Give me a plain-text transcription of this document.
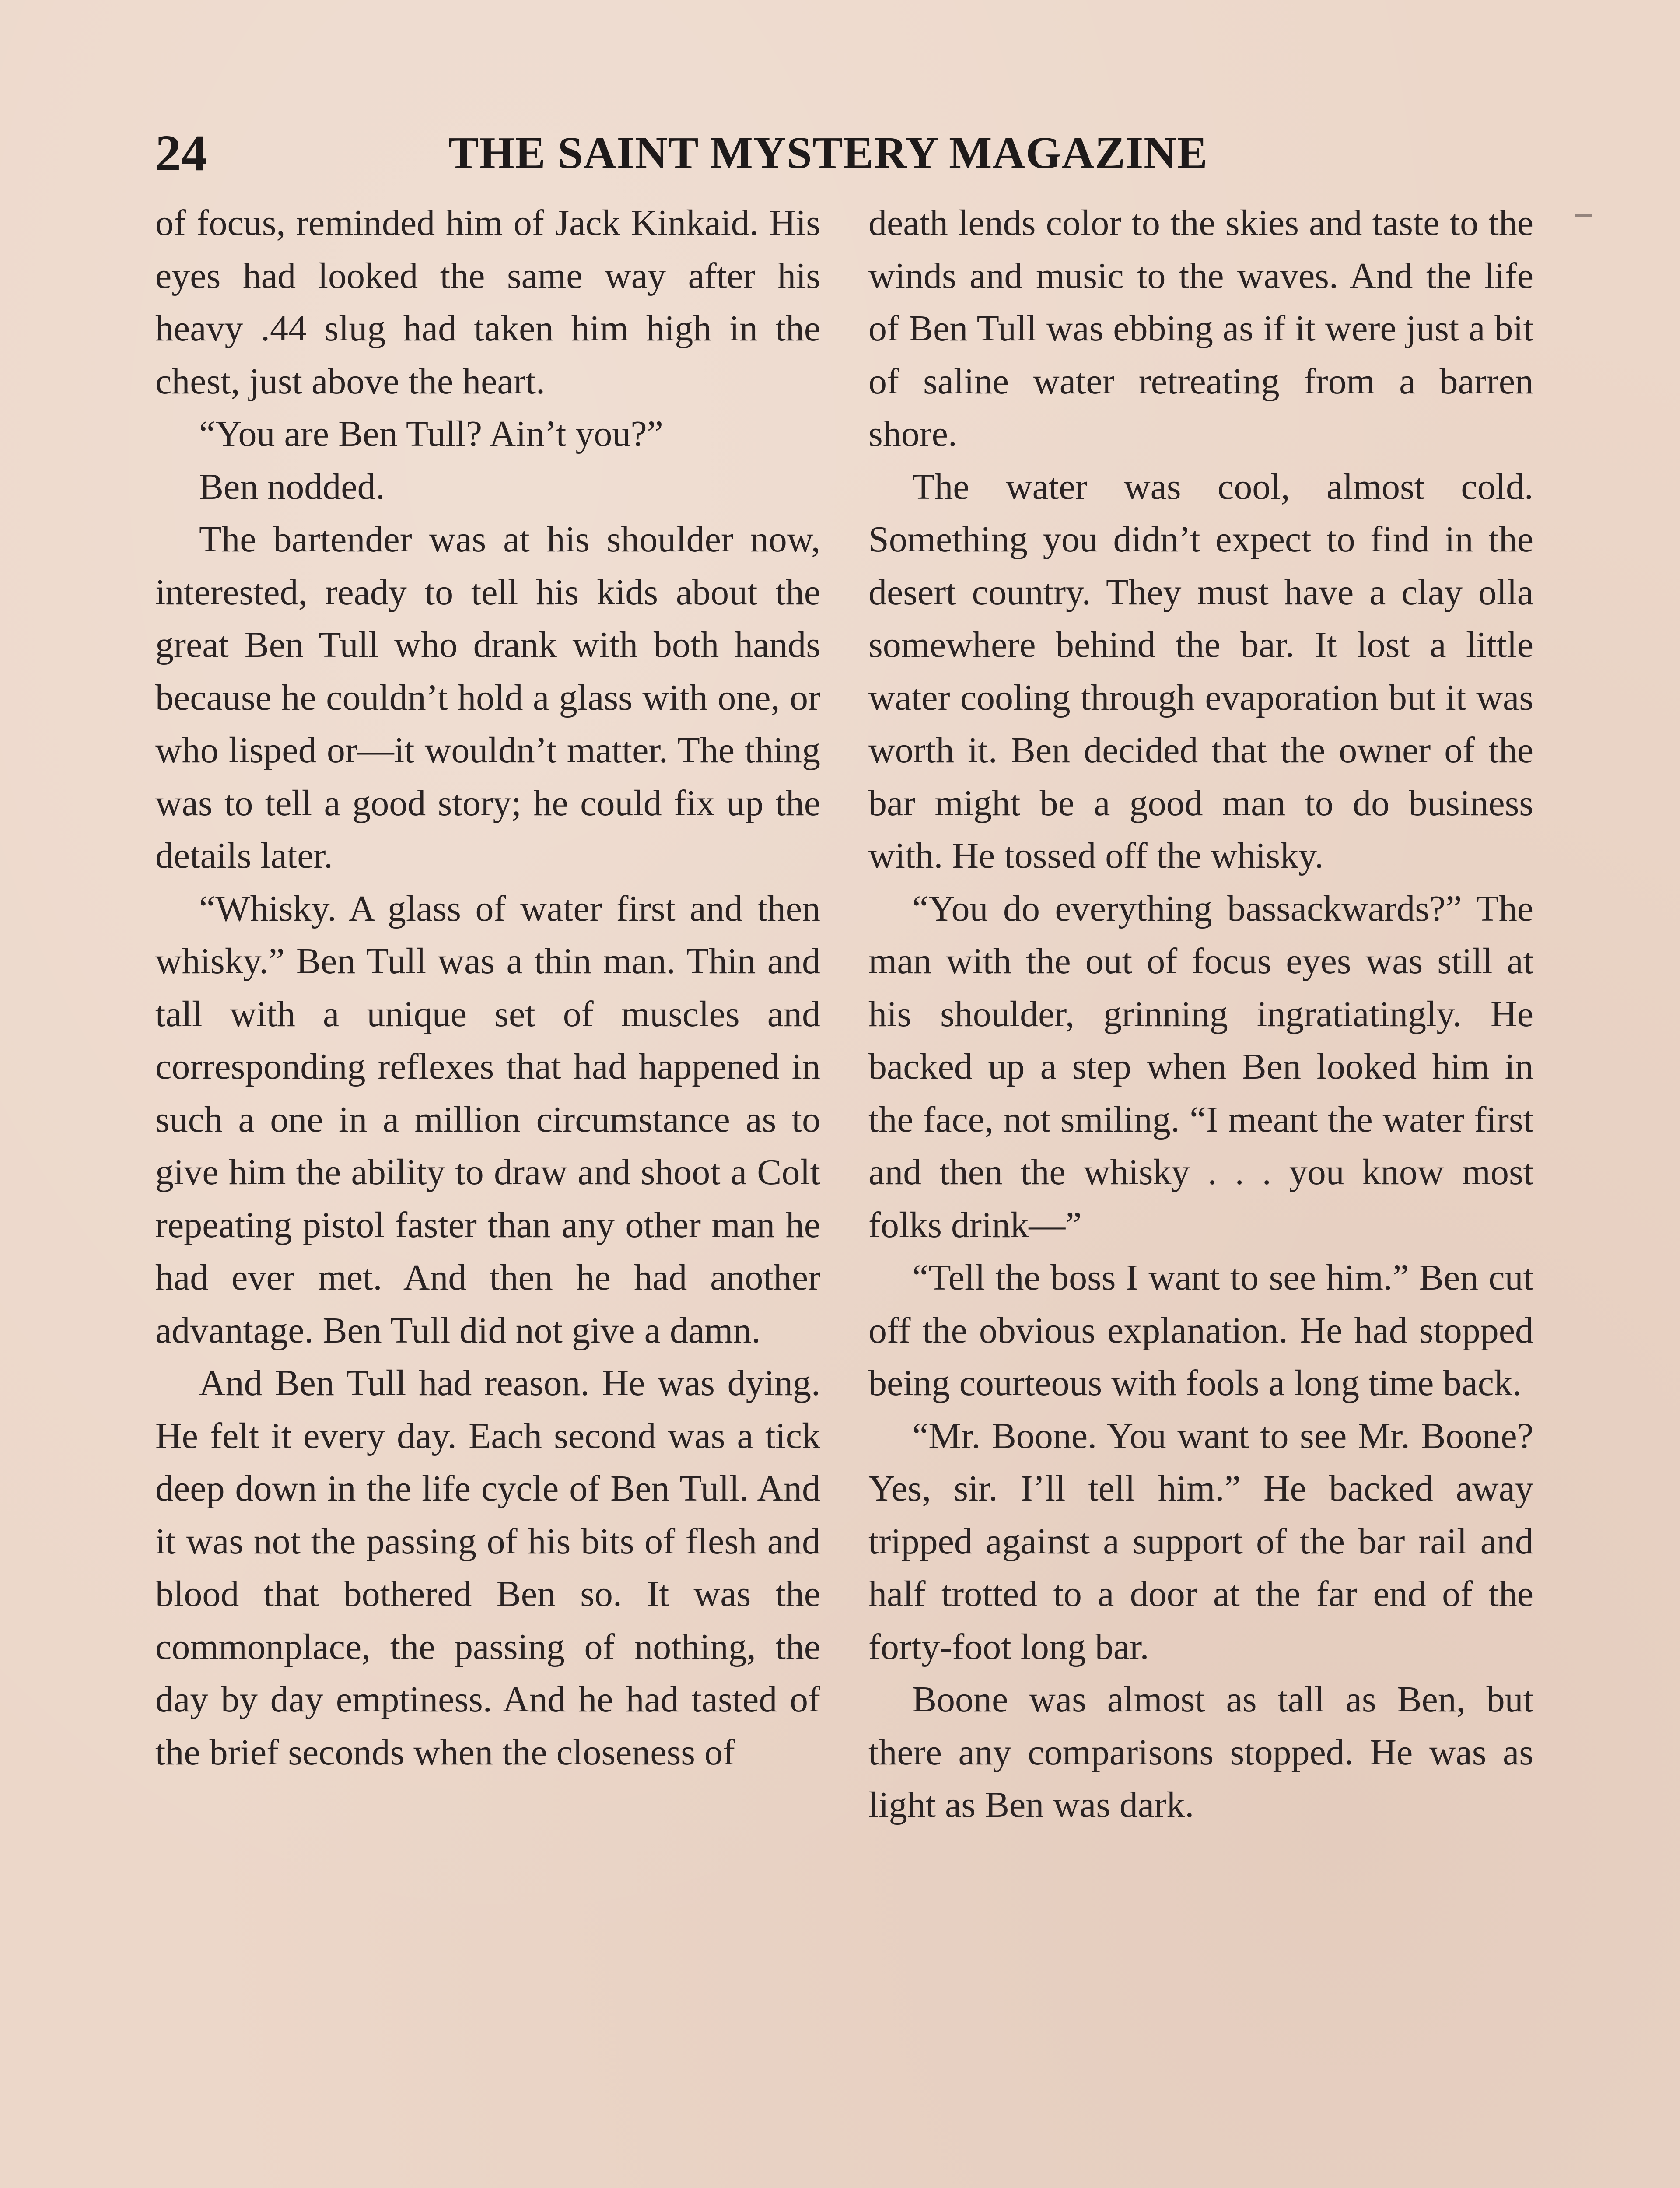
24	THE SAINT MYSTERY MAGAZINE

of focus, reminded him of Jack Kinkaid. His eyes had looked the same way after his heavy .44 slug had taken him high in the chest, just above the heart.

“You are Ben Tull? Ain’t you?”

Ben nodded.

The bartender was at his shoulder now, interested, ready to tell his kids about the great Ben Tull who drank with both hands because he couldn’t hold a glass with one, or who lisped or—it wouldn’t matter. The thing was to tell a good story; he could fix up the details later.

“Whisky. A glass of water first and then whisky.” Ben Tull was a thin man. Thin and tall with a unique set of muscles and corresponding reflexes that had happened in such a one in a million circumstance as to give him the ability to draw and shoot a Colt repeating pistol faster than any other man he had ever met. And then he had another advantage. Ben Tull did not give a damn.

And Ben Tull had reason. He was dying. He felt it every day. Each second was a tick deep down in the life cycle of Ben Tull. And it was not the passing of his bits of flesh and blood that bothered Ben so. It was the commonplace, the passing of nothing, the day by day emptiness. And he had tasted of the brief seconds when the closeness of

death lends color to the skies and taste to the winds and music to the waves. And the life of Ben Tull was ebbing as if it were just a bit of saline water retreating from a barren shore.

The water was cool, almost cold. Something you didn’t expect to find in the desert country. They must have a clay olla somewhere behind the bar. It lost a little water cooling through evaporation but it was worth it. Ben decided that the owner of the bar might be a good man to do business with. He tossed off the whisky.

“You do everything bassackwards?” The man with the out of focus eyes was still at his shoulder, grinning ingratiatingly. He backed up a step when Ben looked him in the face, not smiling. “I meant the water first and then the whisky . . . you know most folks drink—”

“Tell the boss I want to see him.” Ben cut off the obvious explanation. He had stopped being courteous with fools a long time back.

“Mr. Boone. You want to see Mr. Boone? Yes, sir. I’ll tell him.” He backed away tripped against a support of the bar rail and half trotted to a door at the far end of the forty-foot long bar.

Boone was almost as tall as Ben, but there any comparisons stopped. He was as light as Ben was dark.
